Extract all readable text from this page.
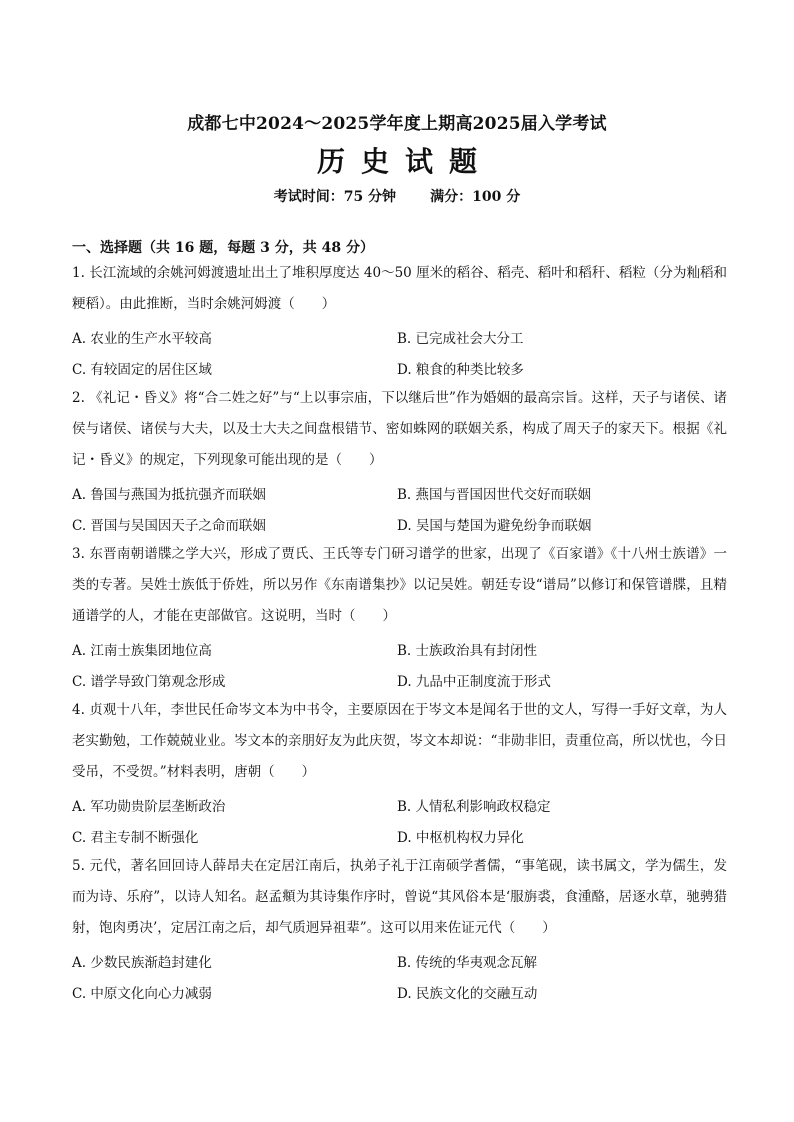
成都七中2024～2025学年度上期高2025届入学考试
历史试题
考试时间：75 分钟       满分：100 分
一、选择题（共 16 题，每题 3 分，共 48 分）
1. 长江流域的余姚河姆渡遗址出土了堆积厚度达 40～50 厘米的稻谷、稻壳、稻叶和稻秆、稻粒（分为籼稻和粳稻）。由此推断，当时余姚河姆渡（　　）
A. 农业的生产水平较高	B. 已完成社会大分工
C. 有较固定的居住区域	D. 粮食的种类比较多
2. 《礼记・昏义》将“合二姓之好”与“上以事宗庙，下以继后世”作为婚姻的最高宗旨。这样，天子与诸侯、诸侯与诸侯、诸侯与大夫，以及士大夫之间盘根错节、密如蛛网的联姻关系，构成了周天子的家天下。根据《礼记・昏义》的规定，下列现象可能出现的是（　　）
A. 鲁国与燕国为抵抗强齐而联姻	B. 燕国与晋国因世代交好而联姻
C. 晋国与吴国因天子之命而联姻	D. 吴国与楚国为避免纷争而联姻
3. 东晋南朝谱牒之学大兴，形成了贾氏、王氏等专门研习谱学的世家，出现了《百家谱》《十八州士族谱》一类的专著。吴姓士族低于侨姓，所以另作《东南谱集抄》以记吴姓。朝廷专设“谱局”以修订和保管谱牒，且精通谱学的人，才能在吏部做官。这说明，当时（　　）
A. 江南士族集团地位高	B. 士族政治具有封闭性
C. 谱学导致门第观念形成	D. 九品中正制度流于形式
4. 贞观十八年，李世民任命岑文本为中书令，主要原因在于岑文本是闻名于世的文人，写得一手好文章，为人老实勤勉，工作兢兢业业。岑文本的亲朋好友为此庆贺，岑文本却说：“非勋非旧，责重位高，所以忧也，今日受吊，不受贺。”材料表明，唐朝（　　）
A. 军功勋贵阶层垄断政治	B. 人情私利影响政权稳定
C. 君主专制不断强化	D. 中枢机构权力异化
5. 元代，著名回回诗人薛昂夫在定居江南后，执弟子礼于江南硕学耆儒，“事笔砚，读书属文，学为儒生，发而为诗、乐府”，以诗人知名。赵孟頫为其诗集作序时，曾说“其风俗本是‘服旃裘，食湩酪，居逐水草，驰骋猎射，饱肉勇决’，定居江南之后，却气质迥异祖辈”。这可以用来佐证元代（　　）
A. 少数民族渐趋封建化	B. 传统的华夷观念瓦解
C. 中原文化向心力减弱	D. 民族文化的交融互动
